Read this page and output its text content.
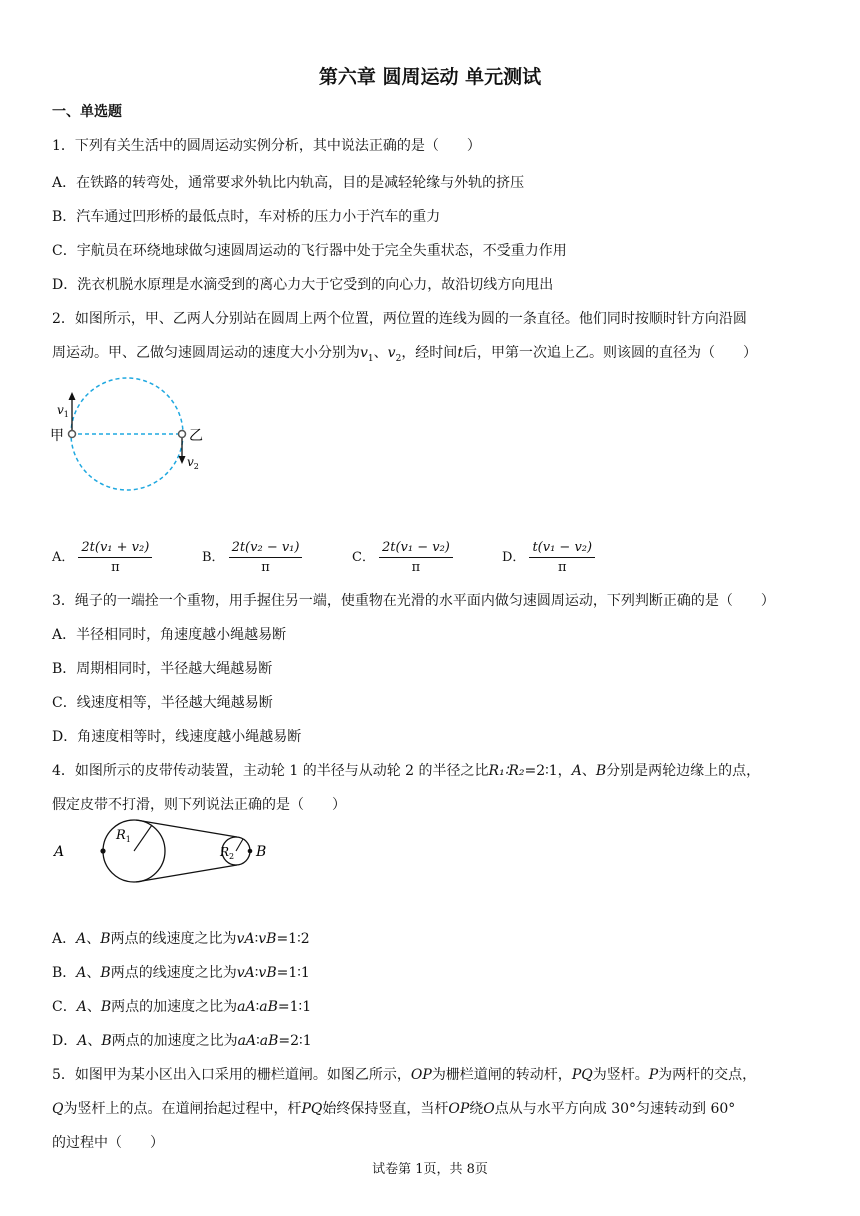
第六章 圆周运动 单元测试
一、单选题
1．下列有关生活中的圆周运动实例分析，其中说法正确的是（　　）
A．在铁路的转弯处，通常要求外轨比内轨高，目的是减轻轮缘与外轨的挤压
B．汽车通过凹形桥的最低点时，车对桥的压力小于汽车的重力
C．宇航员在环绕地球做匀速圆周运动的飞行器中处于完全失重状态，不受重力作用
D．洗衣机脱水原理是水滴受到的离心力大于它受到的向心力，故沿切线方向甩出
2．如图所示，甲、乙两人分别站在圆周上两个位置，两位置的连线为圆的一条直径。他们同时按顺时针方向沿圆
周运动。甲、乙做匀速圆周运动的速度大小分别为$v_1$、$v_2$，经时间t后，甲第一次追上乙。则该圆的直径为（　　）
甲	乙
$v_1$
$v_2$
A． $\frac{\text{2t(v₁ + v₂)}}{\pi}$	B． $\frac{\text{2t(v₂ − v₁)}}{\pi}$	C． $\frac{\text{2t(v₁ − v₂)}}{\pi}$	D． $\frac{\text{t(v₁ − v₂)}}{\pi}$
3．绳子的一端拴一个重物，用手握住另一端，使重物在光滑的水平面内做匀速圆周运动，下列判断正确的是（　　）
A．半径相同时，角速度越小绳越易断
B．周期相同时，半径越大绳越易断
C．线速度相等，半径越大绳越易断
D．角速度相等时，线速度越小绳越易断
4．如图所示的皮带传动装置，主动轮 1 的半径与从动轮 2 的半径之比R₁∶R₂=2∶1，A、B分别是两轮边缘上的点，
假定皮带不打滑，则下列说法正确的是（　　）
A	B
$R_1$
$R_2$
A．A、B两点的线速度之比为vA∶vB=1∶2
B．A、B两点的线速度之比为vA∶vB=1∶1
C．A、B两点的加速度之比为aA∶aB=1∶1
D．A、B两点的加速度之比为aA∶aB=2∶1
5．如图甲为某小区出入口采用的栅栏道闸。如图乙所示，OP为栅栏道闸的转动杆，PQ为竖杆。P为两杆的交点，
Q为竖杆上的点。在道闸抬起过程中，杆PQ始终保持竖直，当杆OP绕O点从与水平方向成 30°匀速转动到 60°
的过程中（　　）
试卷第 1页，共 8页
